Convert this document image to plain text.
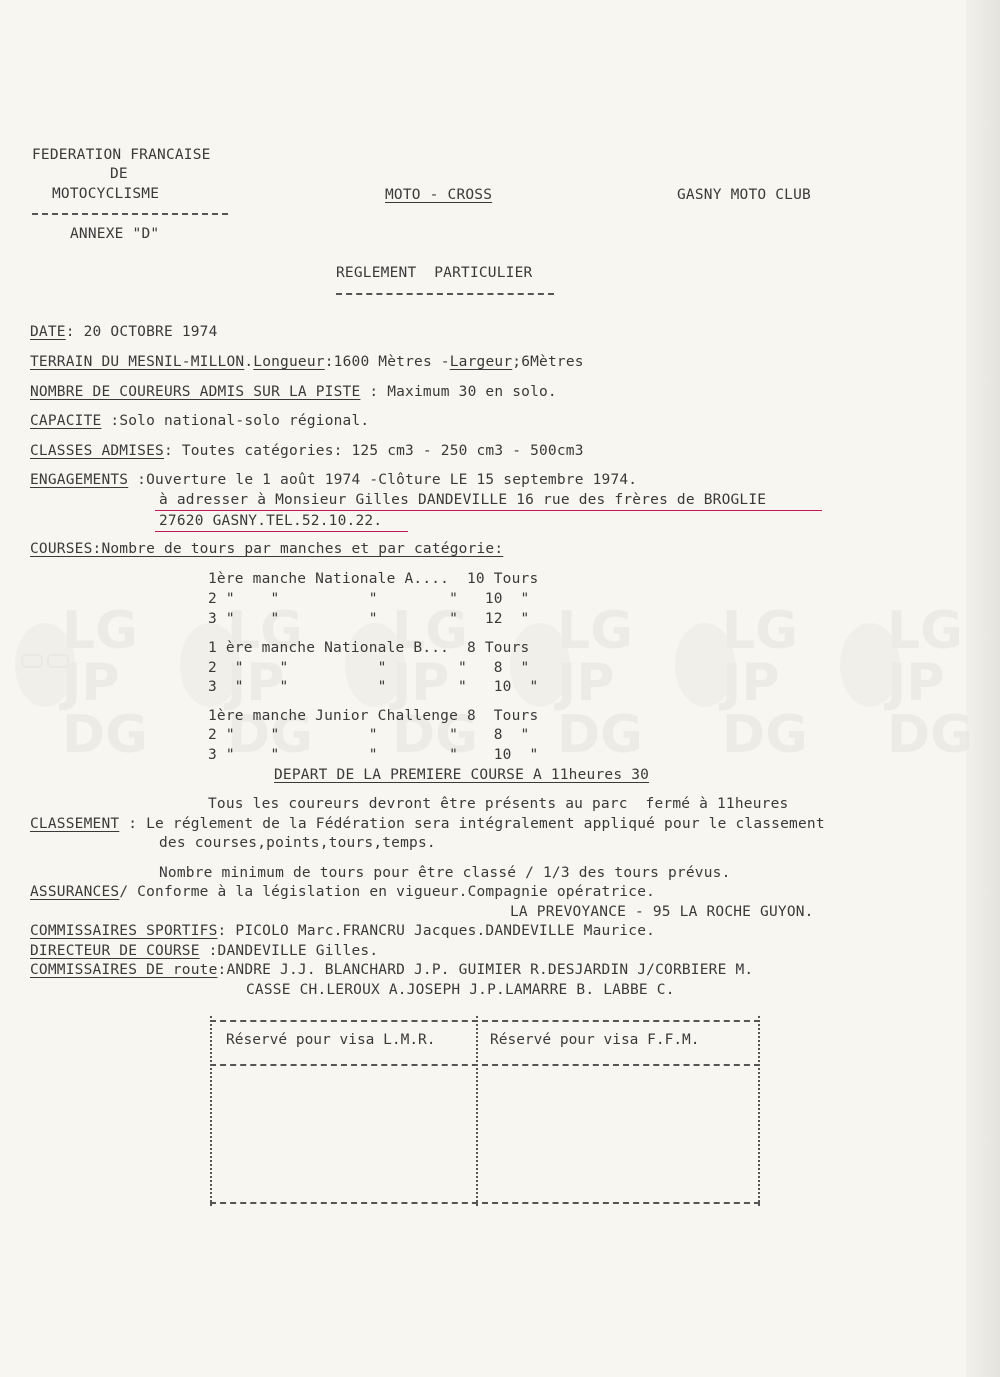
LG
JP
DG
LG
JP
DG
LG
JP
DG
LG
JP
DG
LG
JP
DG
LG
JP
DG
FEDERATION FRANCAISE
DE
MOTOCYCLISME
ANNEXE "D"
MOTO - CROSS	GASNY MOTO CLUB
REGLEMENT  PARTICULIER
DATE: 20 OCTOBRE 1974
TERRAIN DU MESNIL-MILLON.Longueur:1600 Mètres -Largeur;6Mètres
NOMBRE DE COUREURS ADMIS SUR LA PISTE : Maximum 30 en solo.
CAPACITE :Solo national-solo régional.
CLASSES ADMISES: Toutes catégories: 125 cm3 - 250 cm3 - 500cm3
ENGAGEMENTS :Ouverture le 1 août 1974 -Clôture LE 15 septembre 1974.
à adresser à Monsieur Gilles DANDEVILLE 16 rue des frères de BROGLIE
27620 GASNY.TEL.52.10.22.
COURSES:Nombre de tours par manches et par catégorie:
1ère manche Nationale A....  10 Tours
2 "    "          "        "   10  "
3 "    "          "        "   12  "
1 ère manche Nationale B...  8 Tours
2  "    "          "        "   8  "
3  "    "          "        "   10  "
1ère manche Junior Challenge 8  Tours
2 "    "          "        "    8  "
3 "    "          "        "    10  "
DEPART DE LA PREMIERE COURSE A 11heures 30
Tous les coureurs devront être présents au parc  fermé à 11heures
CLASSEMENT : Le réglement de la Fédération sera intégralement appliqué pour le classement
des courses,points,tours,temps.
Nombre minimum de tours pour être classé / 1/3 des tours prévus.
ASSURANCES/ Conforme à la législation en vigueur.Compagnie opératrice.
LA PREVOYANCE - 95 LA ROCHE GUYON.
COMMISSAIRES SPORTIFS: PICOLO Marc.FRANCRU Jacques.DANDEVILLE Maurice.
DIRECTEUR DE COURSE :DANDEVILLE Gilles.
COMMISSAIRES DE route:ANDRE J.J. BLANCHARD J.P. GUIMIER R.DESJARDIN J/CORBIERE M.
CASSE CH.LEROUX A.JOSEPH J.P.LAMARRE B. LABBE C.
Réservé pour visa L.M.R.	Réservé pour visa F.F.M.
